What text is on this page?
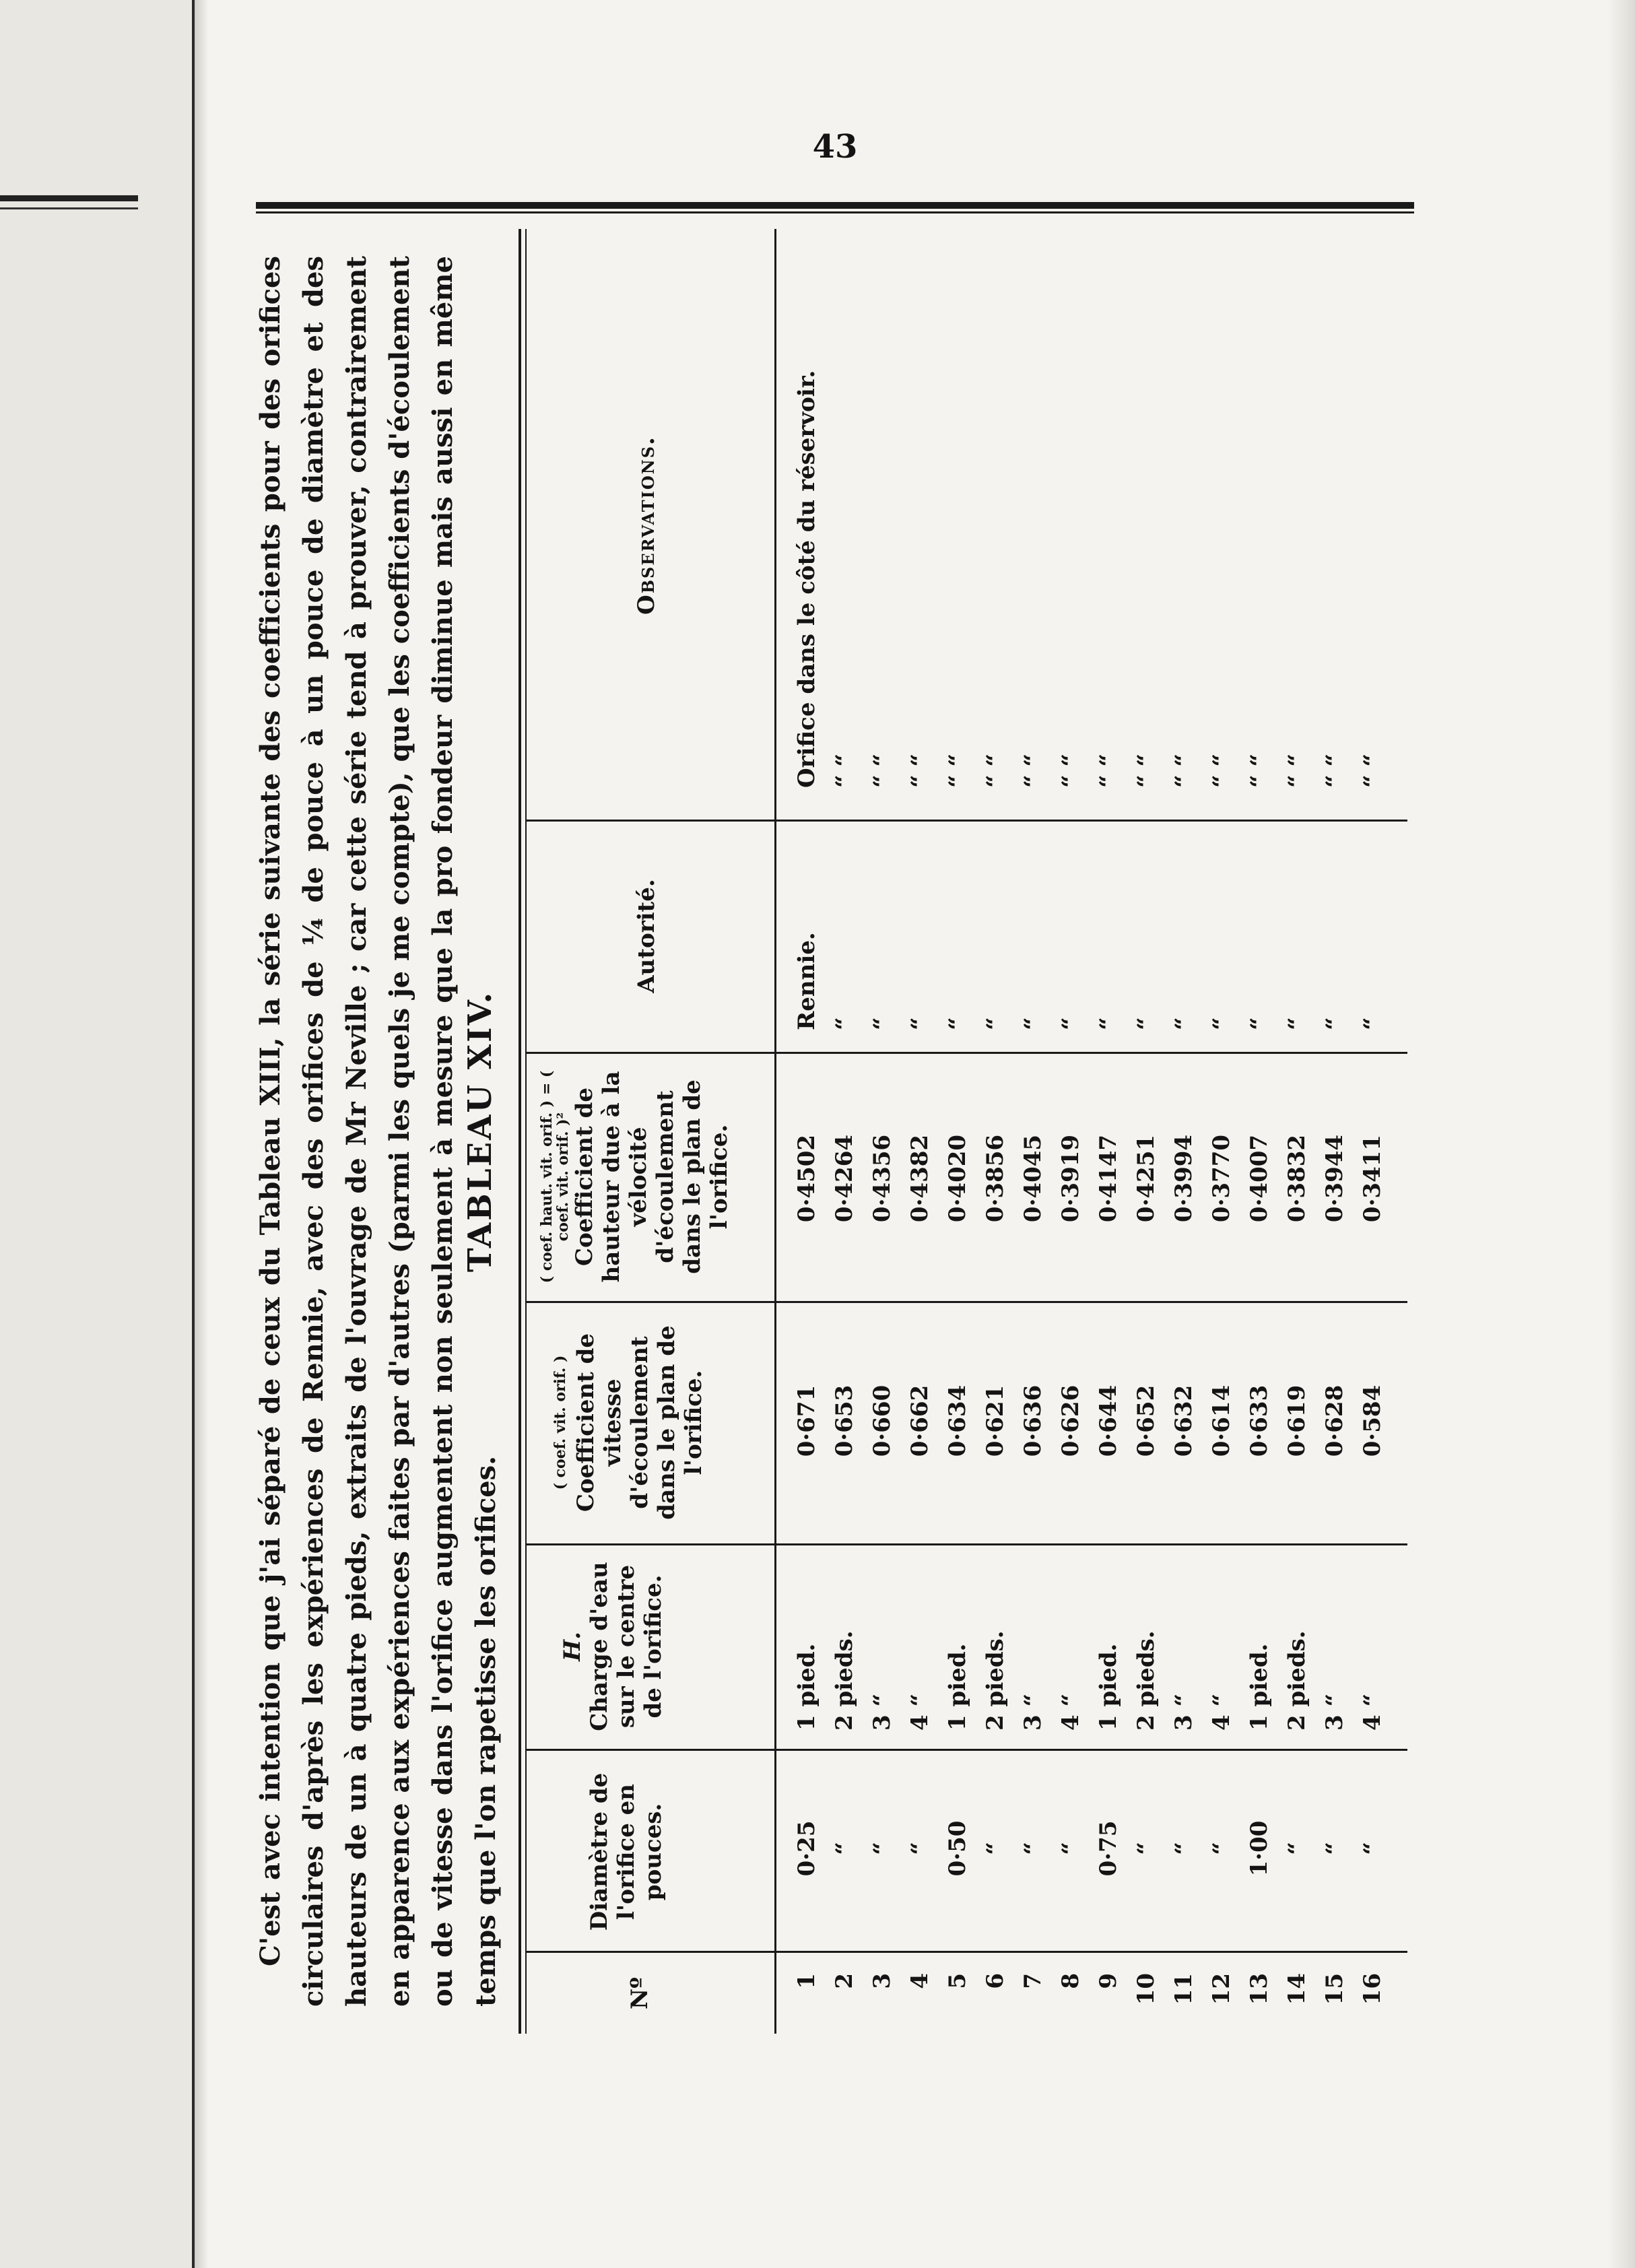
43

C'est avec intention que j'ai séparé de ceux du Tableau XIII, la série suivante des coefficients pour des orifices circulaires d'après les expériences de Rennie, avec des orifices de ¼ de pouce à un pouce de diamètre et des hauteurs de un à quatre pieds, extraits de l'ouvrage de Mr Neville ; car cette série tend à prouver, contrairement en apparence aux expériences faites par d'autres (parmi les quels je me compte), que les coefficients d'écoulement ou de vitesse dans l'orifice augmentent non seulement à mesure que la pro fondeur diminue mais aussi en même temps que l'on rapetisse les orifices.

TABLEAU XIV.
Nº
Diamètre de l'orifice en pouces.
H. Charge d'eau sur le centre de l'orifice.
( coef. vit. orif. ) Coefficient de vitesse d'écoulement dans le plan de l'orifice.
( coef. haut. vit. orif. ) = ( coef. vit. orif. )² Coefficient de hauteur due à la vélocité d'écoulement dans le plan de l'orifice.
Autorité.
Observations.
1 2 3 4 5 6 7 8 9 10 11 12 13 14 15 16
0·25 “ “ “ 0·50 “ “ “ 0·75 “ “ “ 1·00 “ “ “
1 pied. 2 pieds. 3 “ 4 “ 1 pied. 2 pieds. 3 “ 4 “ 1 pied. 2 pieds. 3 “ 4 “ 1 pied. 2 pieds. 3 “ 4 “
0·671 0·653 0·660 0·662 0·634 0·621 0·636 0·626 0·644 0·652 0·632 0·614 0·633 0·619 0·628 0·584
0·4502 0·4264 0·4356 0·4382 0·4020 0·3856 0·4045 0·3919 0·4147 0·4251 0·3994 0·3770 0·4007 0·3832 0·3944 0·3411
Rennie. “ “ “ “ “ “ “ “ “ “ “ “ “ “ “
Orifice dans le côté du réservoir. “ “ “ “ “ “ “ “ “ “ “ “ “ “ “ “ “ “ “ “ “ “ “ “ “ “ “ “ “ “
